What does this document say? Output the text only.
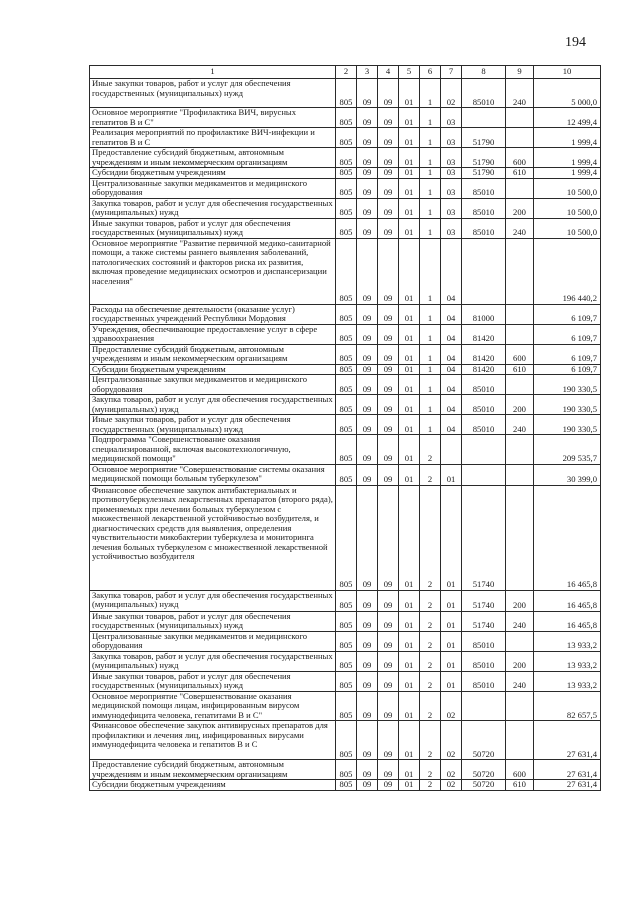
194
1	2	3	4	5	6	7	8	9	10
Иные закупки товаров, работ и услуг для обеспечения государственных (муниципальных) нужд	805	09	09	01	1	02	85010	240	5 000,0
Основное мероприятие "Профилактика ВИЧ, вирусных гепатитов В и С"	805	09	09	01	1	03			12 499,4
Реализация мероприятий по профилактике ВИЧ-инфекции и гепатитов В и С	805	09	09	01	1	03	51790		1 999,4
Предоставление субсидий бюджетным, автономным учреждениям и иным некоммерческим организациям	805	09	09	01	1	03	51790	600	1 999,4
Субсидии бюджетным учреждениям	805	09	09	01	1	03	51790	610	1 999,4
Централизованные закупки медикаментов и медицинского оборудования	805	09	09	01	1	03	85010		10 500,0
Закупка товаров, работ и услуг для обеспечения государственных (муниципальных) нужд	805	09	09	01	1	03	85010	200	10 500,0
Иные закупки товаров, работ и услуг для обеспечения государственных (муниципальных) нужд	805	09	09	01	1	03	85010	240	10 500,0
Основное мероприятие "Развитие первичной медико-санитарной помощи, а также системы раннего выявления заболеваний, патологических состояний и факторов риска их развития, включая проведение медицинских осмотров и диспансеризации населения"	805	09	09	01	1	04			196 440,2
Расходы на обеспечение деятельности (оказание услуг) государственных учреждений Республики Мордовия	805	09	09	01	1	04	81000		6 109,7
Учреждения, обеспечивающие предоставление услуг в сфере здравоохранения	805	09	09	01	1	04	81420		6 109,7
Предоставление субсидий бюджетным, автономным учреждениям и иным некоммерческим организациям	805	09	09	01	1	04	81420	600	6 109,7
Субсидии бюджетным учреждениям	805	09	09	01	1	04	81420	610	6 109,7
Централизованные закупки медикаментов и медицинского оборудования	805	09	09	01	1	04	85010		190 330,5
Закупка товаров, работ и услуг для обеспечения государственных (муниципальных) нужд	805	09	09	01	1	04	85010	200	190 330,5
Иные закупки товаров, работ и услуг для обеспечения государственных (муниципальных) нужд	805	09	09	01	1	04	85010	240	190 330,5
Подпрограмма "Совершенствование оказания специализированной, включая высокотехнологичную, медицинской помощи"	805	09	09	01	2				209 535,7
Основное мероприятие "Совершенствование системы оказания медицинской помощи больным туберкулезом"	805	09	09	01	2	01			30 399,0
Финансовое обеспечение закупок антибактериальных и противотуберкулезных лекарственных препаратов (второго ряда), применяемых при лечении больных туберкулезом с множественной лекарственной устойчивостью возбудителя, и диагностических средств для выявления, определения чувствительности микобактерии туберкулеза и мониторинга лечения больных туберкулезом с множественной лекарственной устойчивостью возбудителя	805	09	09	01	2	01	51740		16 465,8
Закупка товаров, работ и услуг для обеспечения государственных (муниципальных) нужд	805	09	09	01	2	01	51740	200	16 465,8
Иные закупки товаров, работ и услуг для обеспечения государственных (муниципальных) нужд	805	09	09	01	2	01	51740	240	16 465,8
Централизованные закупки медикаментов и медицинского оборудования	805	09	09	01	2	01	85010		13 933,2
Закупка товаров, работ и услуг для обеспечения государственных (муниципальных) нужд	805	09	09	01	2	01	85010	200	13 933,2
Иные закупки товаров, работ и услуг для обеспечения государственных (муниципальных) нужд	805	09	09	01	2	01	85010	240	13 933,2
Основное мероприятие "Совершенствование оказания медицинской помощи лицам, инфицированным вирусом иммунодефицита человека, гепатитами В и С"	805	09	09	01	2	02			82 657,5
Финансовое обеспечение закупок антивирусных препаратов для профилактики и лечения лиц, инфицированных вирусами иммунодефицита человека и гепатитов В и С	805	09	09	01	2	02	50720		27 631,4
Предоставление субсидий бюджетным, автономным учреждениям и иным некоммерческим организациям	805	09	09	01	2	02	50720	600	27 631,4
Субсидии бюджетным учреждениям	805	09	09	01	2	02	50720	610	27 631,4
